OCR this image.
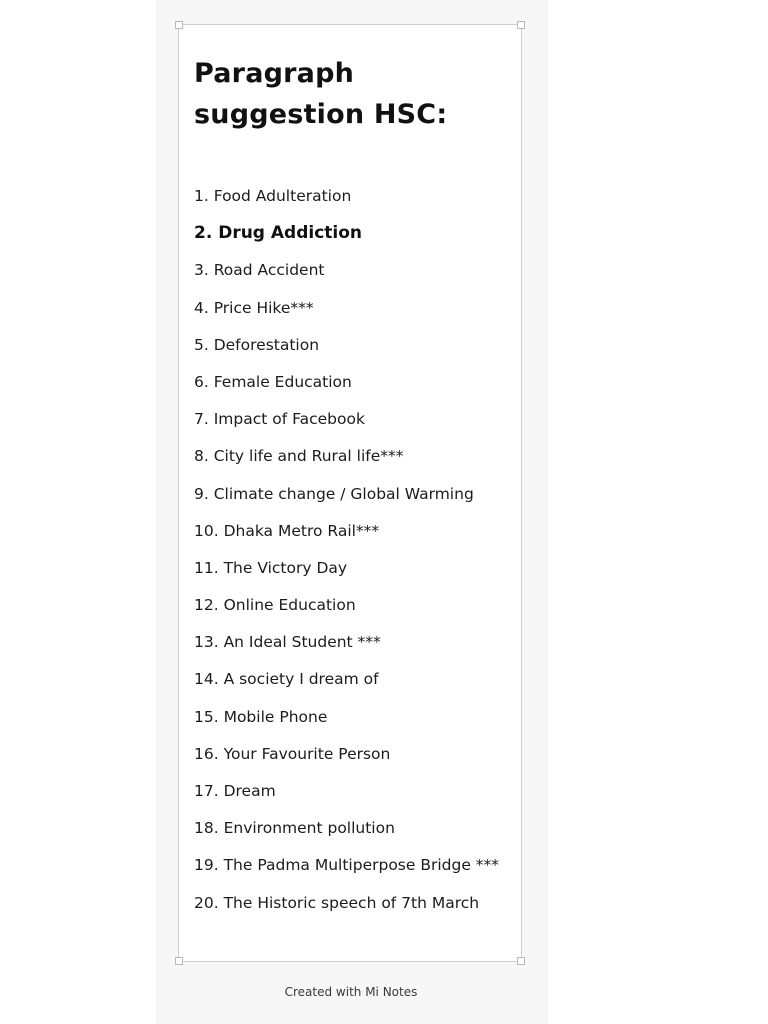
Paragraph suggestion HSC:
1. Food Adulteration
2. Drug Addiction
3. Road Accident
4. Price Hike***
5. Deforestation
6. Female Education
7. Impact of Facebook
8. City life and Rural life***
9. Climate change / Global Warming
10. Dhaka Metro Rail***
11. The Victory Day
12. Online Education
13. An Ideal Student ***
14. A society I dream of
15. Mobile Phone
16. Your Favourite Person
17. Dream
18. Environment pollution
19. The Padma Multiperpose Bridge ***
20. The Historic speech of 7th March
Created with Mi Notes
